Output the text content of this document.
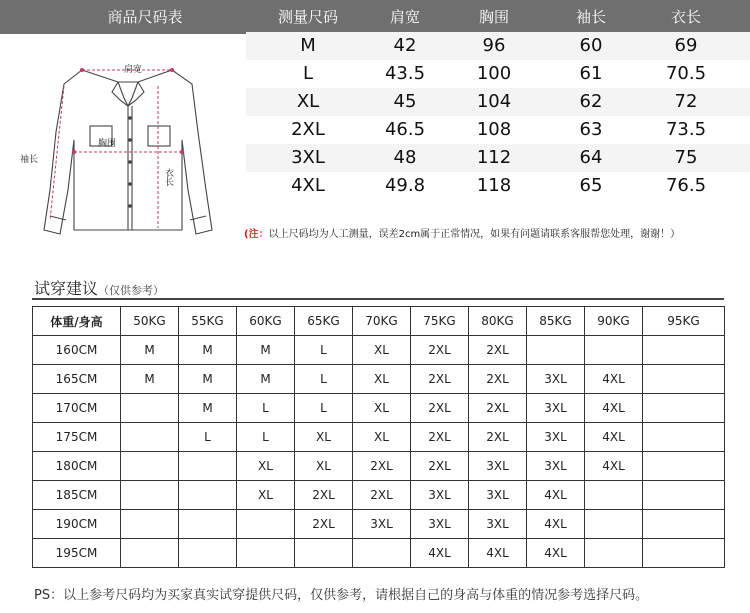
商品尺码表	测量尺码	肩宽	胸围	袖长	衣长
肩宽
胸围
袖长
衣长
M	42	96	60	69
L	43.5	100	61	70.5
XL	45	104	62	72
2XL	46.5	108	63	73.5
3XL	48	112	64	75
4XL	49.8	118	65	76.5
(注：以上尺码均为人工测量，误差2cm属于正常情况，如果有问题请联系客服帮您处理，谢谢！）
试穿建议（仅供参考）
体重/身高	50KG	55KG	60KG	65KG	70KG	75KG	80KG	85KG	90KG	95KG
160CM	M	M	M	L	XL	2XL	2XL			
165CM	M	M	M	L	XL	2XL	2XL	3XL	4XL	
170CM		M	L	L	XL	2XL	2XL	3XL	4XL	
175CM		L	L	XL	XL	2XL	2XL	3XL	4XL	
180CM			XL	XL	2XL	2XL	3XL	3XL	4XL	
185CM			XL	2XL	2XL	3XL	3XL	4XL		
190CM				2XL	3XL	3XL	3XL	4XL		
195CM						4XL	4XL	4XL		
PS：以上参考尺码均为买家真实试穿提供尺码，仅供参考，请根据自己的身高与体重的情况参考选择尺码。
